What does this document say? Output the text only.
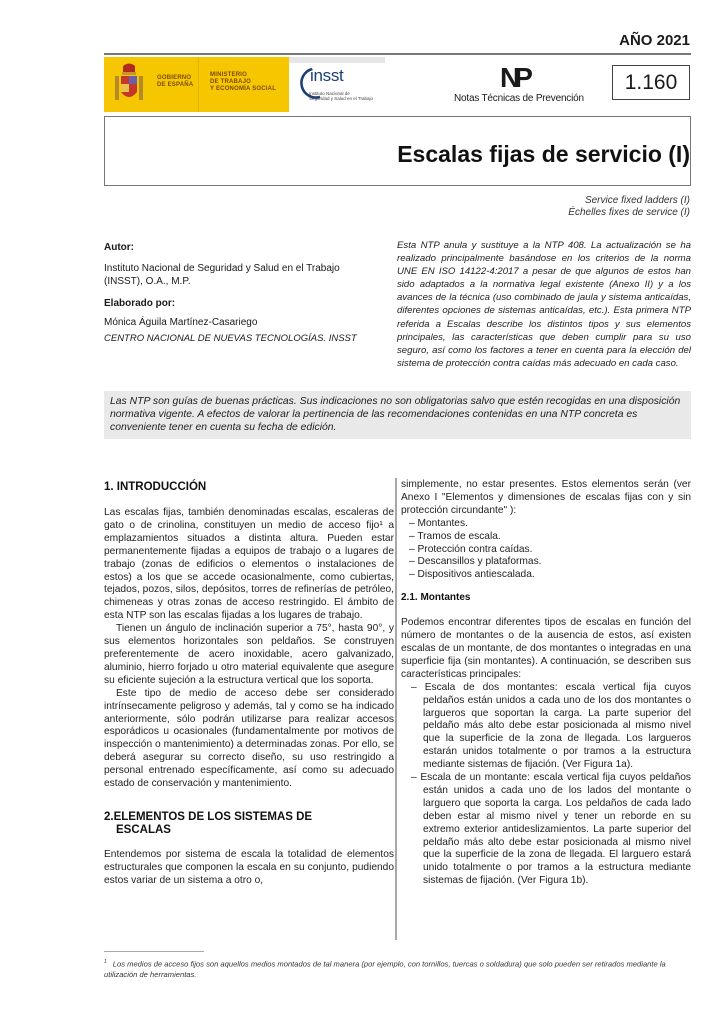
AÑO 2021
GOBIERNO
DE ESPAÑA
MINISTERIO
DE TRABAJO
Y ECONOMÍA SOCIAL
insst
Instituto Nacional de
Seguridad y Salud en el Trabajo
NP
Notas Técnicas de Prevención
1.160
Escalas fijas de servicio (I)
Service fixed ladders (I)
Échelles fixes de service (I)
Autor:
Instituto Nacional de Seguridad y Salud en el Trabajo (INSST), O.A., M.P.
Elaborado por:
Mónica Águila Martínez-Casariego
CENTRO NACIONAL DE NUEVAS TECNOLOGÍAS. INSST
Esta NTP anula y sustituye a la NTP 408. La actualización se ha realizado principalmente basándose en los criterios de la norma UNE EN ISO 14122-4:2017 a pesar de que algunos de estos han sido adaptados a la normativa legal existente (Anexo II) y a los avances de la técnica (uso combinado de jaula y sistema anticaídas, diferentes opciones de sistemas anticaídas, etc.). Esta primera NTP referida a Escalas describe los distintos tipos y sus elementos principales, las características que deben cumplir para su uso seguro, así como los factores a tener en cuenta para la elección del sistema de protección contra caídas más adecuado en cada caso.
Las NTP son guías de buenas prácticas. Sus indicaciones no son obligatorias salvo que estén recogidas en una disposición normativa vigente. A efectos de valorar la pertinencia de las recomendaciones contenidas en una NTP concreta es conveniente tener en cuenta su fecha de edición.
1. INTRODUCCIÓN

Las escalas fijas, también denominadas escalas, escaleras de gato o de crinolina, constituyen un medio de acceso fijo¹ a emplazamientos situados a distinta altura. Pueden estar permanentemente fijadas a equipos de trabajo o a lugares de trabajo (zonas de edificios o elementos o instalaciones de estos) a los que se accede ocasionalmente, como cubiertas, tejados, pozos, silos, depósitos, torres de refinerías de petróleo, chimeneas y otras zonas de acceso restringido. El ámbito de esta NTP son las escalas fijadas a los lugares de trabajo.

Tienen un ángulo de inclinación superior a 75°, hasta 90°, y sus elementos horizontales son peldaños. Se construyen preferentemente de acero inoxidable, acero galvanizado, aluminio, hierro forjado u otro material equivalente que asegure su eficiente sujeción a la estructura vertical que los soporta.

Este tipo de medio de acceso debe ser considerado intrínsecamente peligroso y además, tal y como se ha indicado anteriormente, sólo podrán utilizarse para realizar accesos esporádicos u ocasionales (fundamentalmente por motivos de inspección o mantenimiento) a determinadas zonas. Por ello, se deberá asegurar su correcto diseño, su uso restringido a personal entrenado específicamente, así como su adecuado estado de conservación y mantenimiento.

2.ELEMENTOS DE LOS SISTEMAS DE
ESCALAS

Entendemos por sistema de escala la totalidad de elementos estructurales que componen la escala en su conjunto, pudiendo estos variar de un sistema a otro o,

simplemente, no estar presentes. Estos elementos serán (ver Anexo I "Elementos y dimensiones de escalas fijas con y sin protección circundante" ):

– Montantes.
– Tramos de escala.
– Protección contra caídas.
– Descansillos y plataformas.
– Dispositivos antiescalada.
2.1. Montantes

Podemos encontrar diferentes tipos de escalas en función del número de montantes o de la ausencia de estos, así existen escalas de un montante, de dos montantes o integradas en una superficie fija (sin montantes). A continuación, se describen sus características principales:

– Escala de dos montantes: escala vertical fija cuyos peldaños están unidos a cada uno de los dos montantes o largueros que soportan la carga. La parte superior del peldaño más alto debe estar posicionada al mismo nivel que la superficie de la zona de llegada. Los largueros estarán unidos totalmente o por tramos a la estructura mediante sistemas de fijación. (Ver Figura 1a).
– Escala de un montante: escala vertical fija cuyos peldaños están unidos a cada uno de los lados del montante o larguero que soporta la carga. Los peldaños de cada lado deben estar al mismo nivel y tener un reborde en su extremo exterior antideslizamientos. La parte superior del peldaño más alto debe estar posicionada al mismo nivel que la superficie de la zona de llegada. El larguero estará unido totalmente o por tramos a la estructura mediante sistemas de fijación. (Ver Figura 1b).
$^1$ Los medios de acceso fijos son aquellos medios montados de tal manera (por ejemplo, con tornillos, tuercas o soldadura) que solo pueden ser retirados mediante la utilización de herramientas.
